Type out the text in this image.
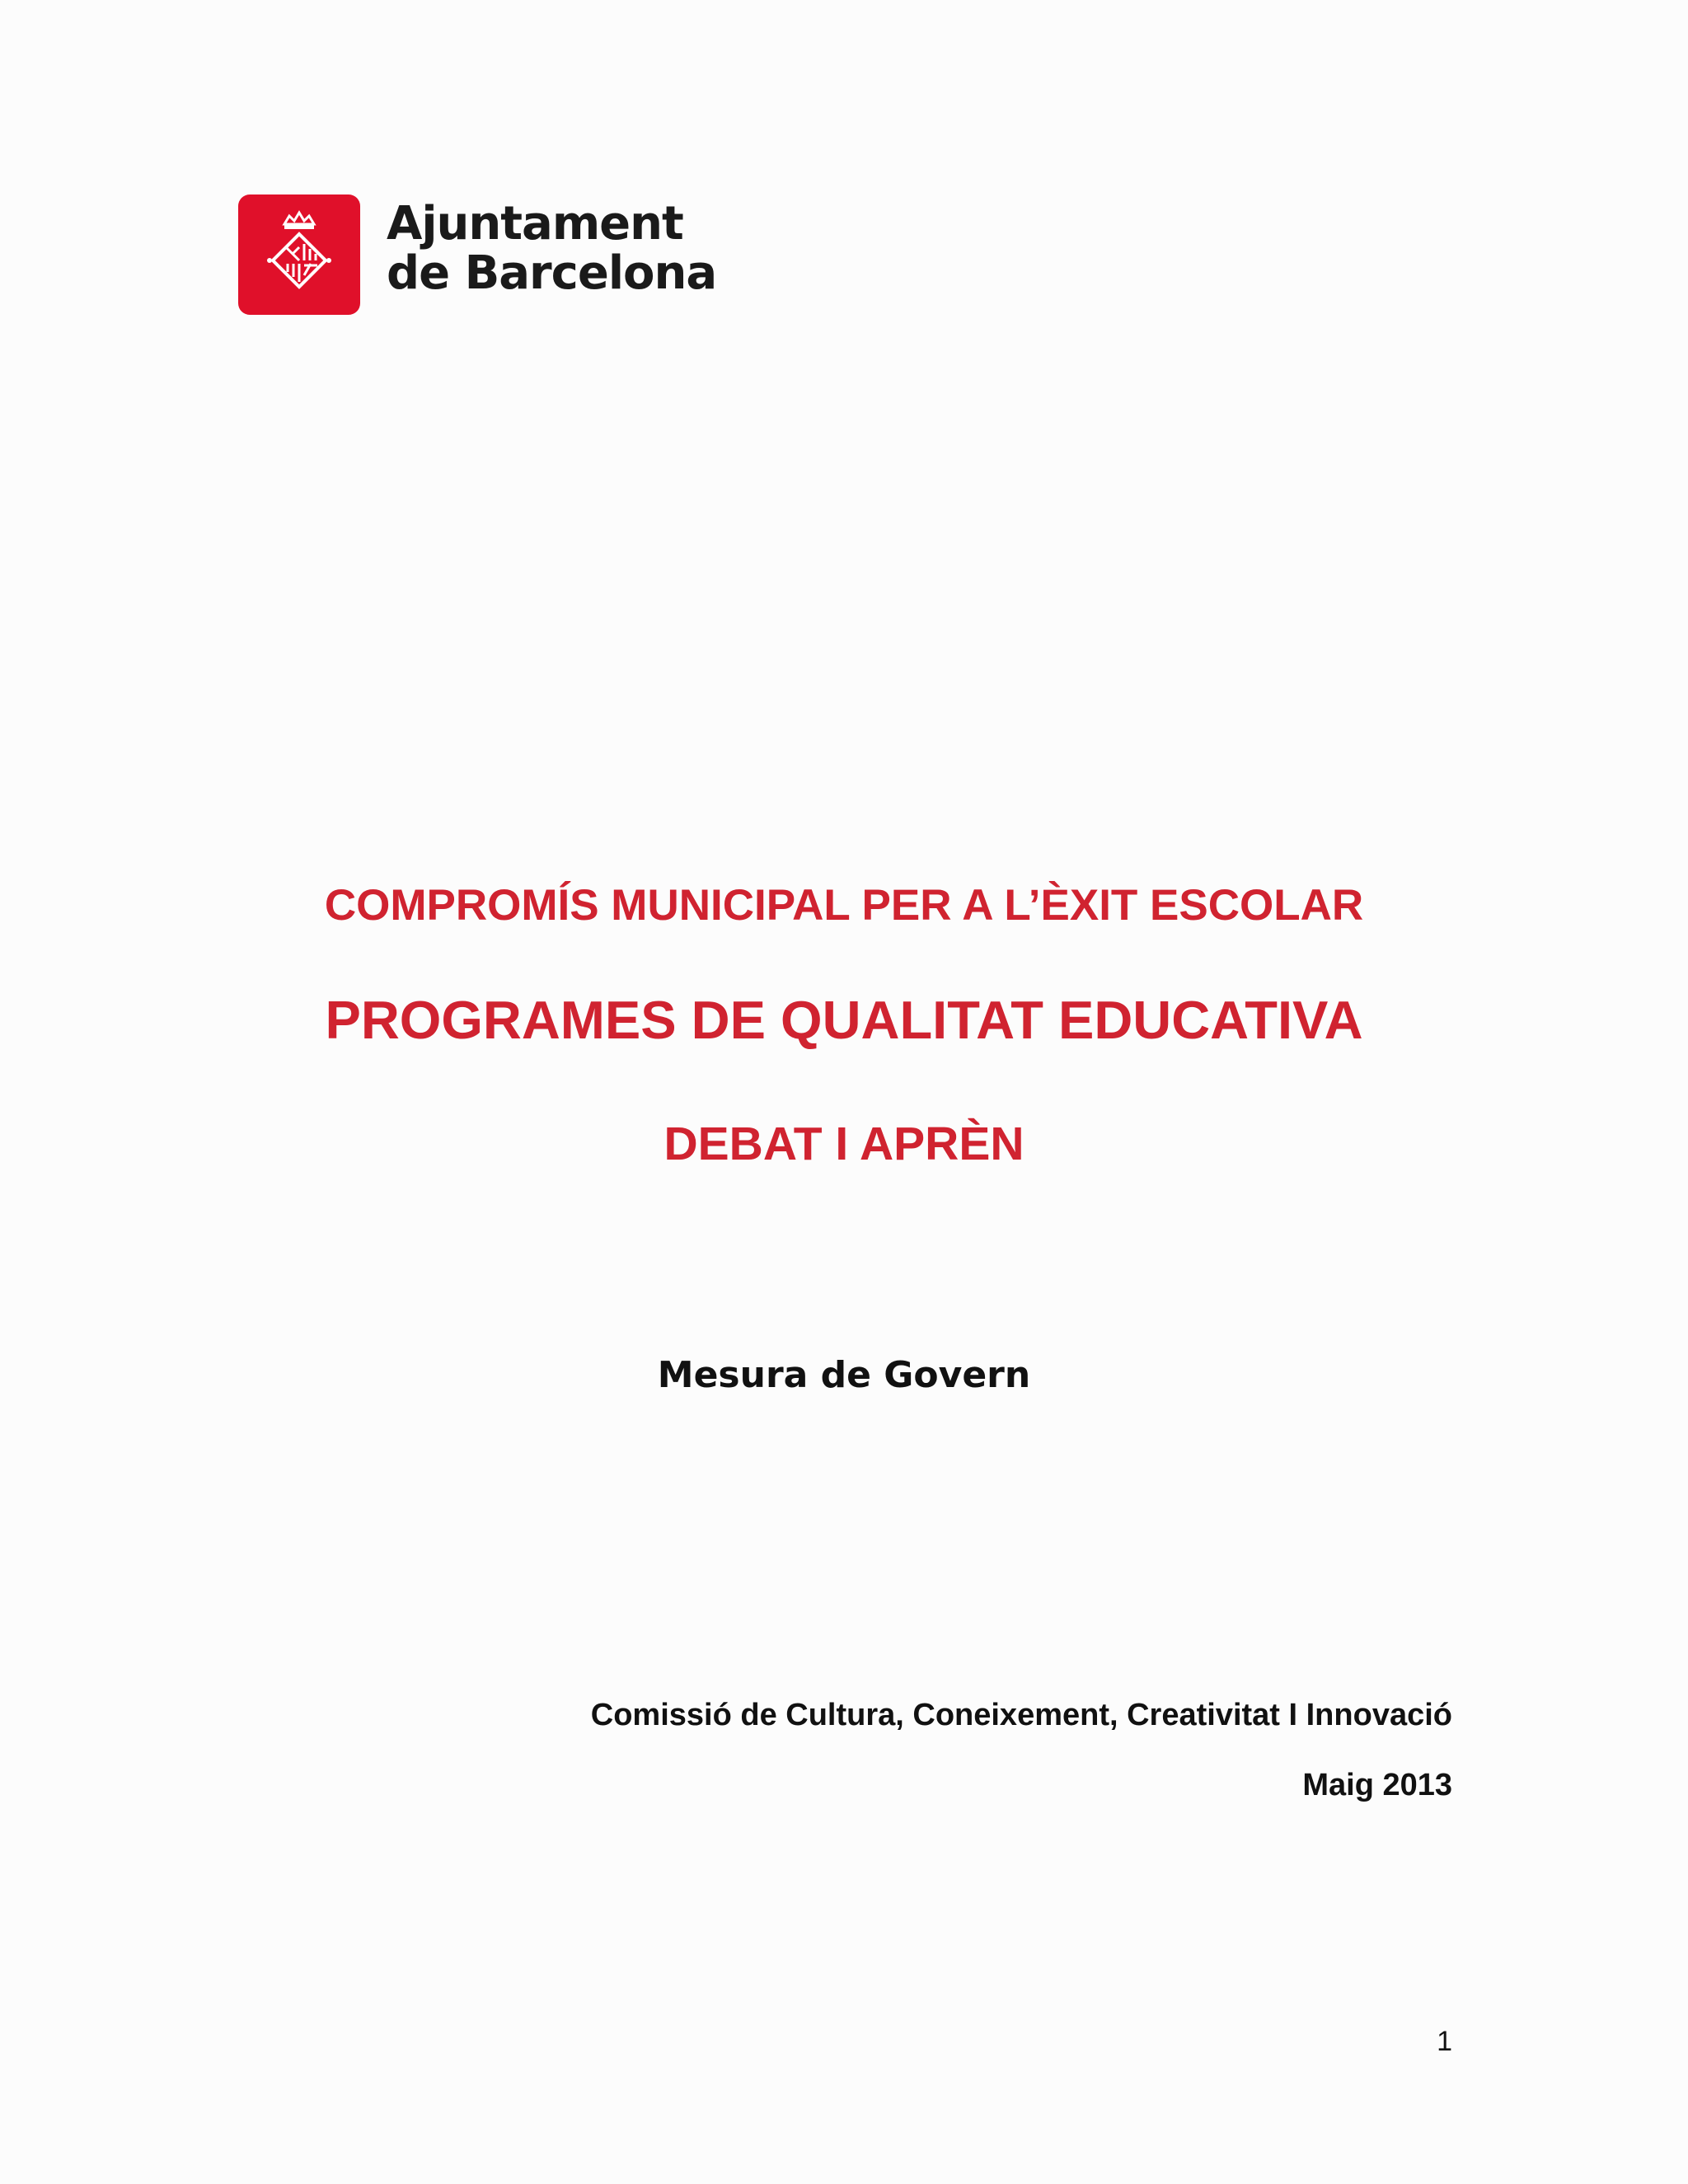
Ajuntament
de Barcelona
COMPROMÍS MUNICIPAL PER A L’ÈXIT ESCOLAR
PROGRAMES DE QUALITAT EDUCATIVA
DEBAT I APRÈN
Mesura de Govern
Comissió de Cultura, Coneixement, Creativitat I Innovació
Maig 2013
1
